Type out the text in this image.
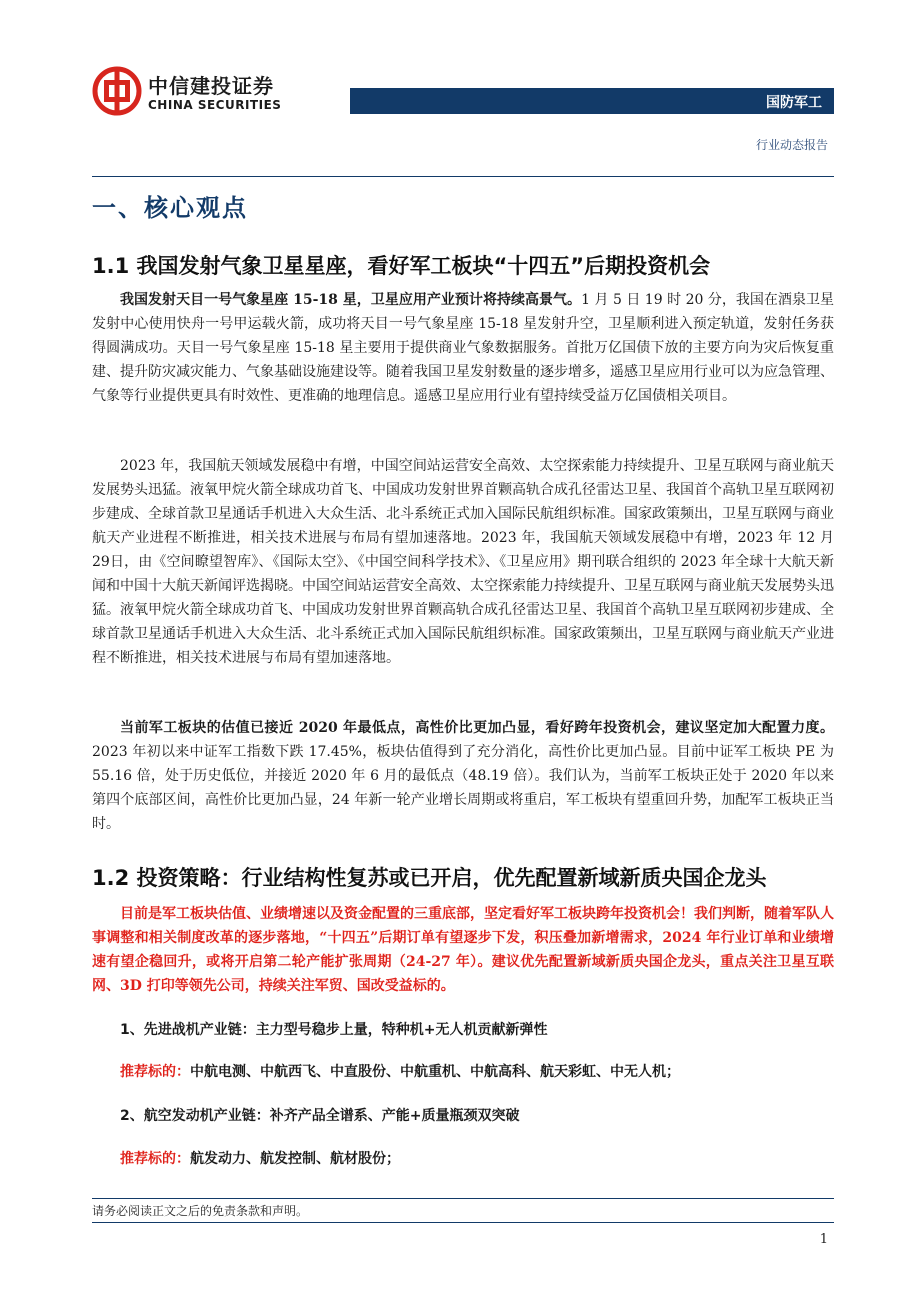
中信建投证券
CHINA SECURITIES	国防军工
行业动态报告
一、核心观点
1.1 我国发射气象卫星星座，看好军工板块“十四五”后期投资机会

我国发射天目一号气象星座 15-18 星，卫星应用产业预计将持续高景气。1 月 5 日 19 时 20 分，我国在酒泉卫星发射中心使用快舟一号甲运载火箭，成功将天目一号气象星座 15-18 星发射升空，卫星顺利进入预定轨道，发射任务获得圆满成功。天目一号气象星座 15-18 星主要用于提供商业气象数据服务。首批万亿国债下放的主要方向为灾后恢复重建、提升防灾减灾能力、气象基础设施建设等。随着我国卫星发射数量的逐步增多，遥感卫星应用行业可以为应急管理、气象等行业提供更具有时效性、更准确的地理信息。遥感卫星应用行业有望持续受益万亿国债相关项目。

2023 年，我国航天领域发展稳中有增，中国空间站运营安全高效、太空探索能力持续提升、卫星互联网与商业航天发展势头迅猛。液氧甲烷火箭全球成功首飞、中国成功发射世界首颗高轨合成孔径雷达卫星、我国首个高轨卫星互联网初步建成、全球首款卫星通话手机进入大众生活、北斗系统正式加入国际民航组织标准。国家政策频出，卫星互联网与商业航天产业进程不断推进，相关技术进展与布局有望加速落地。2023 年，我国航天领域发展稳中有增，2023 年 12 月 29日，由《空间瞭望智库》、《国际太空》、《中国空间科学技术》、《卫星应用》期刊联合组织的 2023 年全球十大航天新闻和中国十大航天新闻评选揭晓。中国空间站运营安全高效、太空探索能力持续提升、卫星互联网与商业航天发展势头迅猛。液氧甲烷火箭全球成功首飞、中国成功发射世界首颗高轨合成孔径雷达卫星、我国首个高轨卫星互联网初步建成、全球首款卫星通话手机进入大众生活、北斗系统正式加入国际民航组织标准。国家政策频出，卫星互联网与商业航天产业进程不断推进，相关技术进展与布局有望加速落地。

当前军工板块的估值已接近 2020 年最低点，高性价比更加凸显，看好跨年投资机会，建议坚定加大配置力度。2023 年初以来中证军工指数下跌 17.45%，板块估值得到了充分消化，高性价比更加凸显。目前中证军工板块 PE 为 55.16 倍，处于历史低位，并接近 2020 年 6 月的最低点（48.19 倍）。我们认为，当前军工板块正处于 2020 年以来第四个底部区间，高性价比更加凸显，24 年新一轮产业增长周期或将重启，军工板块有望重回升势，加配军工板块正当时。

1.2 投资策略：行业结构性复苏或已开启，优先配置新域新质央国企龙头

目前是军工板块估值、业绩增速以及资金配置的三重底部，坚定看好军工板块跨年投资机会！我们判断，随着军队人事调整和相关制度改革的逐步落地，“十四五”后期订单有望逐步下发，积压叠加新增需求，2024 年行业订单和业绩增速有望企稳回升，或将开启第二轮产能扩张周期（24-27 年）。建议优先配置新域新质央国企龙头，重点关注卫星互联网、3D 打印等领先公司，持续关注军贸、国改受益标的。

1、先进战机产业链：主力型号稳步上量，特种机+无人机贡献新弹性
推荐标的：中航电测、中航西飞、中直股份、中航重机、中航高科、航天彩虹、中无人机；
2、航空发动机产业链：补齐产品全谱系、产能+质量瓶颈双突破
推荐标的：航发动力、航发控制、航材股份；
请务必阅读正文之后的免责条款和声明。
1
